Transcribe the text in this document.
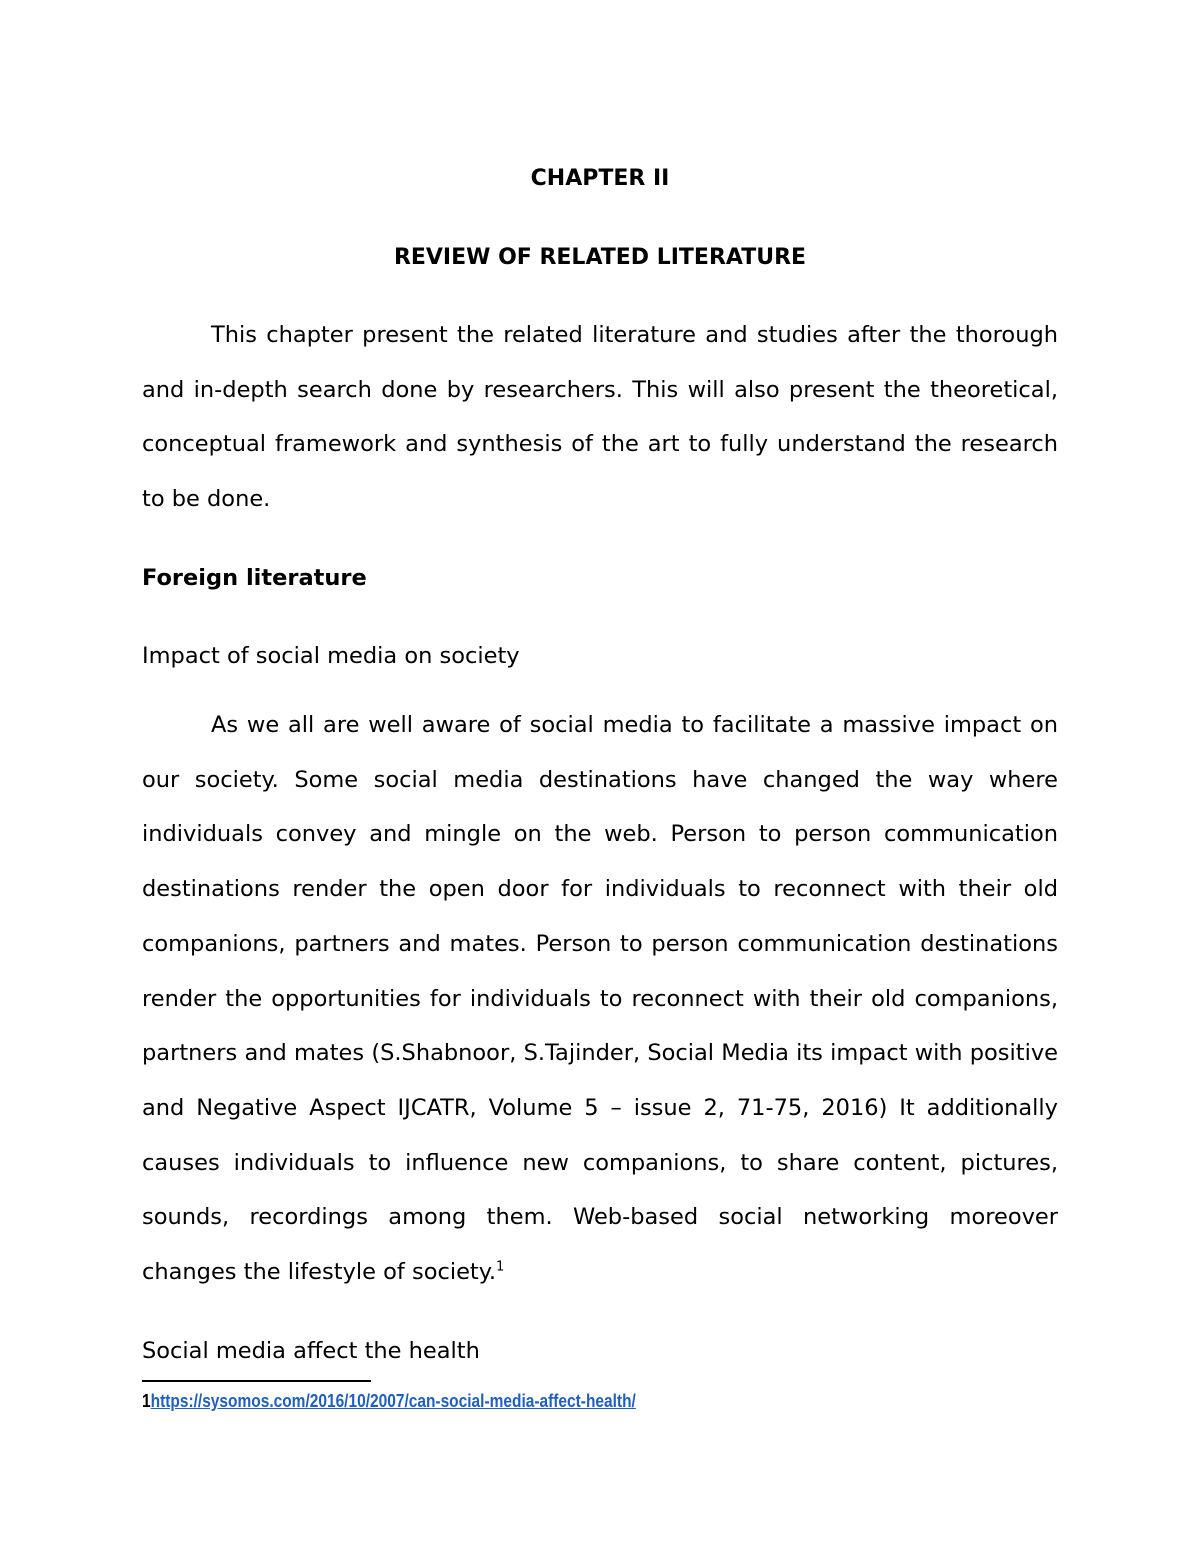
CHAPTER II
REVIEW OF RELATED LITERATURE

This chapter present the related literature and studies after the thorough and in-depth search done by researchers. This will also present the theoretical, conceptual framework and synthesis of the art to fully understand the research to be done.

Foreign literature
Impact of social media on society

As we all are well aware of social media to facilitate a massive impact on our society. Some social media destinations have changed the way where individuals convey and mingle on the web. Person to person communication destinations render the open door for individuals to reconnect with their old companions, partners and mates. Person to person communication destinations render the opportunities for individuals to reconnect with their old companions, partners and mates (S.Shabnoor, S.Tajinder, Social Media its impact with positive and Negative Aspect IJCATR, Volume 5 – issue 2, 71-75, 2016) It additionally causes individuals to influence new companions, to share content, pictures, sounds, recordings among them. Web-based social networking moreover changes the lifestyle of society.$^1$

Social media affect the health
1https://sysomos.com/2016/10/2007/can-social-media-affect-health/
